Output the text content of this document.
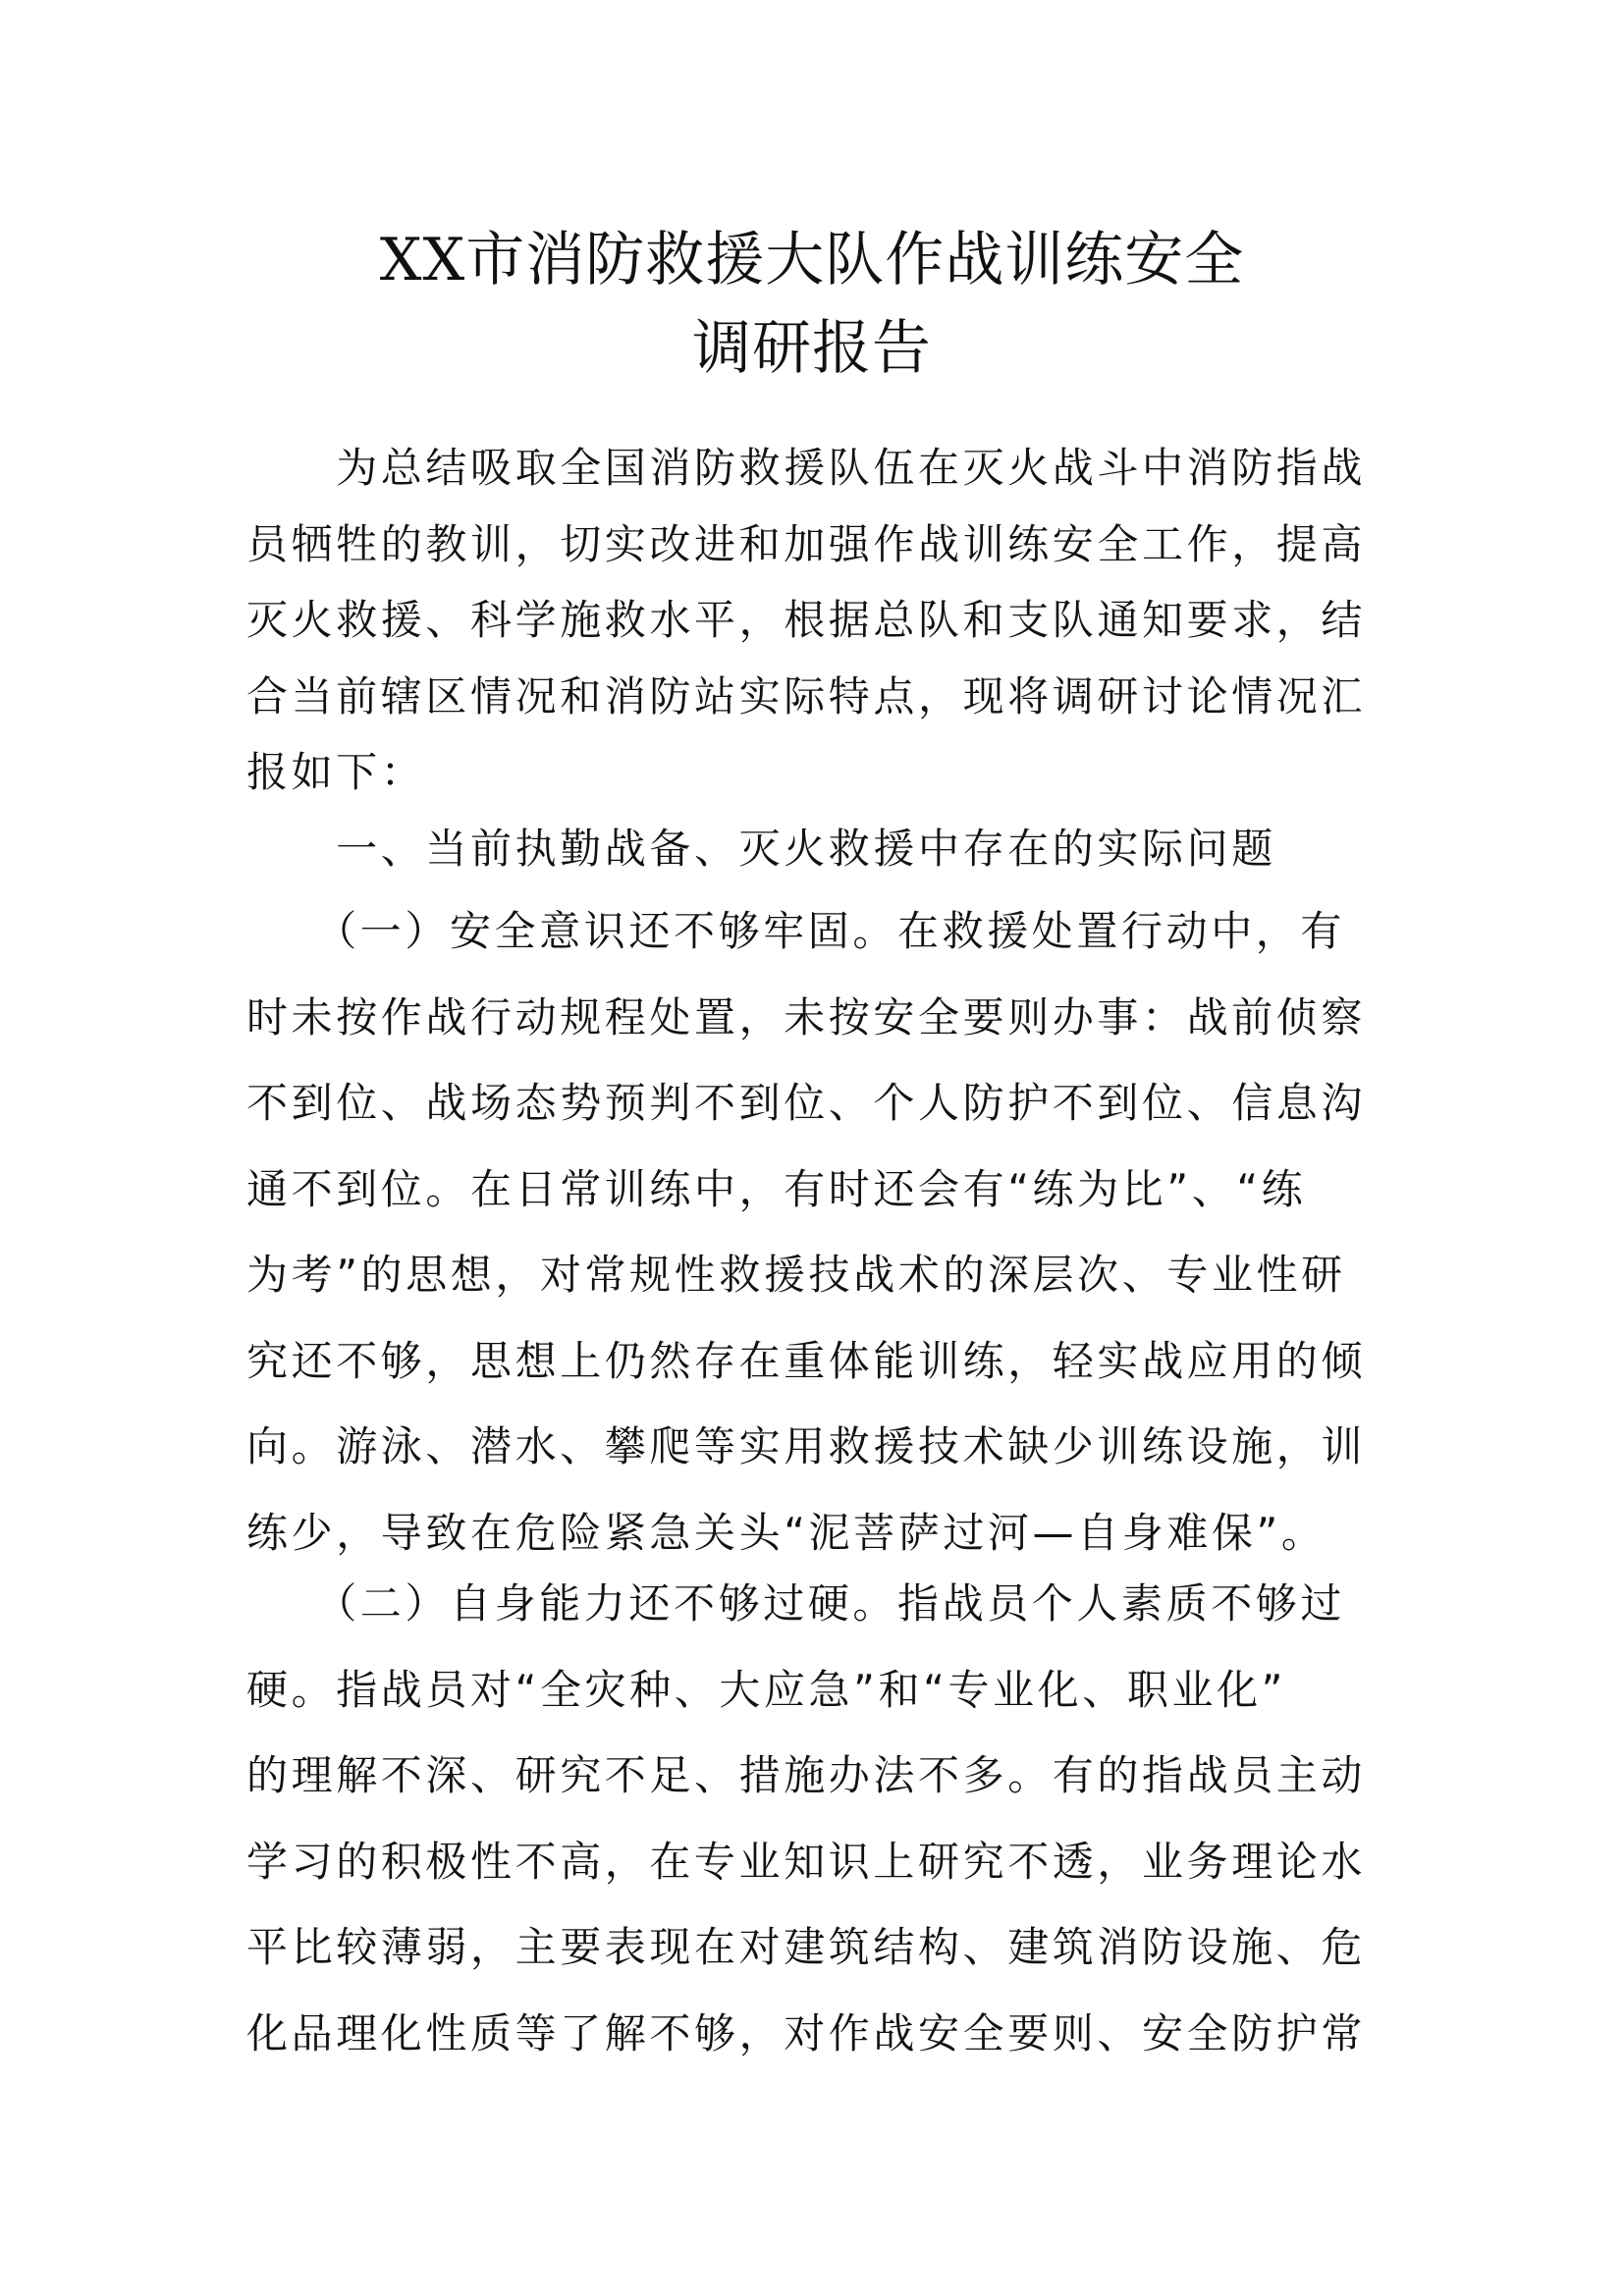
XX市消防救援大队作战训练安全
调研报告
　　为总结吸取全国消防救援队伍在灭火战斗中消防指战
员牺牲的教训，切实改进和加强作战训练安全工作，提高
灭火救援、科学施救水平，根据总队和支队通知要求，结
合当前辖区情况和消防站实际特点，现将调研讨论情况汇
报如下：
　　一、当前执勤战备、灭火救援中存在的实际问题
　　（一）安全意识还不够牢固。在救援处置行动中，有
时未按作战行动规程处置，未按安全要则办事：战前侦察
不到位、战场态势预判不到位、个人防护不到位、信息沟
通不到位。在日常训练中，有时还会有“练为比”、“练
为考”的思想，对常规性救援技战术的深层次、专业性研
究还不够，思想上仍然存在重体能训练，轻实战应用的倾
向。游泳、潜水、攀爬等实用救援技术缺少训练设施，训
练少，导致在危险紧急关头“泥菩萨过河—自身难保”。
　　（二）自身能力还不够过硬。指战员个人素质不够过
硬。指战员对“全灾种、大应急”和“专业化、职业化”
的理解不深、研究不足、措施办法不多。有的指战员主动
学习的积极性不高，在专业知识上研究不透，业务理论水
平比较薄弱，主要表现在对建筑结构、建筑消防设施、危
化品理化性质等了解不够，对作战安全要则、安全防护常
